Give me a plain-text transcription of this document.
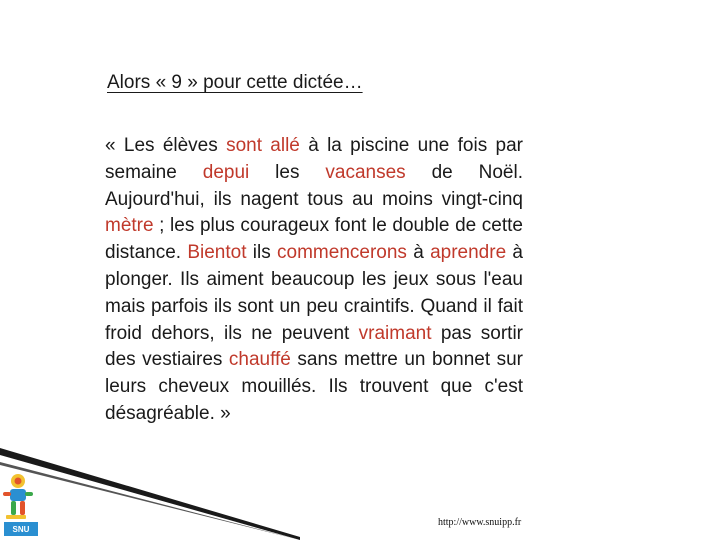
Alors « 9 » pour cette dictée…
« Les élèves sont allé à la piscine une fois par semaine depui les vacanses de Noël. Aujourd'hui, ils nagent tous au moins vingt-cinq mètre ; les plus courageux font le double de cette distance. Bientot ils commencerons à aprendre à plonger. Ils aiment beaucoup les jeux sous l'eau mais parfois ils sont un peu craintifs. Quand il fait froid dehors, ils ne peuvent vraimant pas sortir des vestiaires chauffé sans mettre un bonnet sur leurs cheveux mouillés. Ils trouvent que c'est désagréable. »
SNU
http://www.snuipp.fr
